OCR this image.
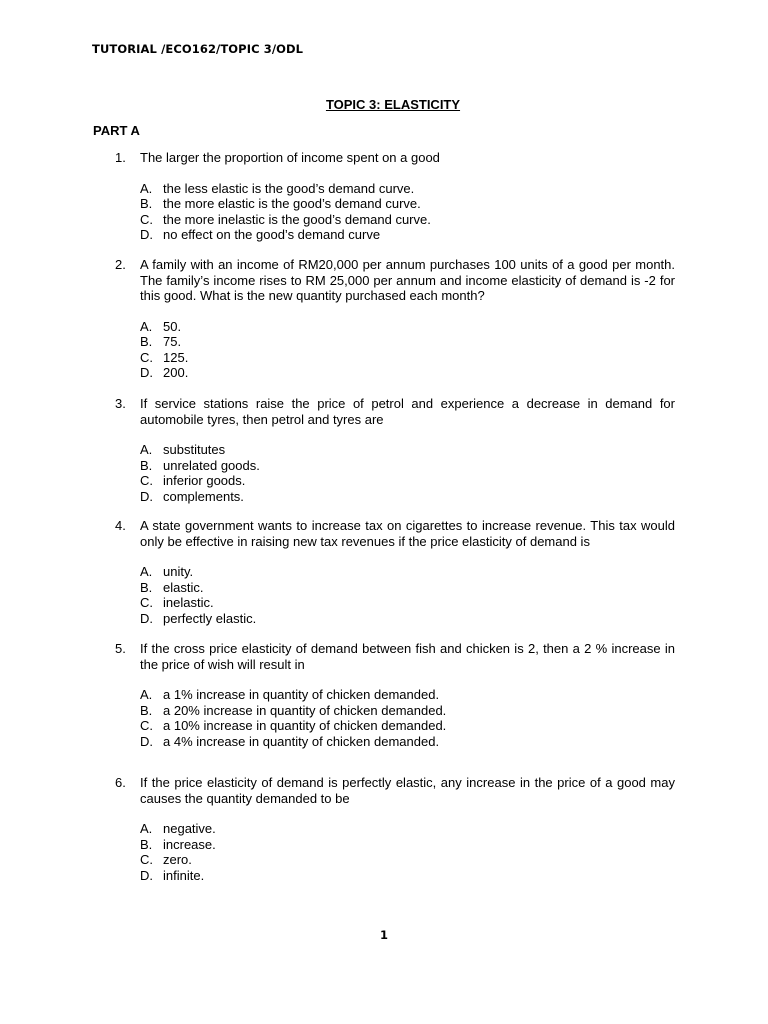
TUTORIAL /ECO162/TOPIC 3/ODL
TOPIC 3: ELASTICITY
PART A
1. The larger the proportion of income spent on a good
A. the less elastic is the good’s demand curve.
B. the more elastic is the good’s demand curve.
C. the more inelastic is the good’s demand curve.
D. no effect on the good’s demand curve
2. A family with an income of RM20,000 per annum purchases 100 units of a good per month. The family’s income rises to RM 25,000 per annum and income elasticity of demand is -2 for this good. What is the new quantity purchased each month?
A. 50.
B. 75.
C. 125.
D. 200.
3. If service stations raise the price of petrol and experience a decrease in demand for automobile tyres, then petrol and tyres are
A. substitutes
B. unrelated goods.
C. inferior goods.
D. complements.
4. A state government wants to increase tax on cigarettes to increase revenue. This tax would only be effective in raising new tax revenues if the price elasticity of demand is
A. unity.
B. elastic.
C. inelastic.
D. perfectly elastic.
5. If the cross price elasticity of demand between fish and chicken is 2, then a 2 % increase in the price of wish will result in
A. a 1% increase in quantity of chicken demanded.
B. a 20% increase in quantity of chicken demanded.
C. a 10% increase in quantity of chicken demanded.
D. a 4% increase in quantity of chicken demanded.
6. If the price elasticity of demand is perfectly elastic, any increase in the price of a good may causes the quantity demanded to be
A. negative.
B. increase.
C. zero.
D. infinite.
1
